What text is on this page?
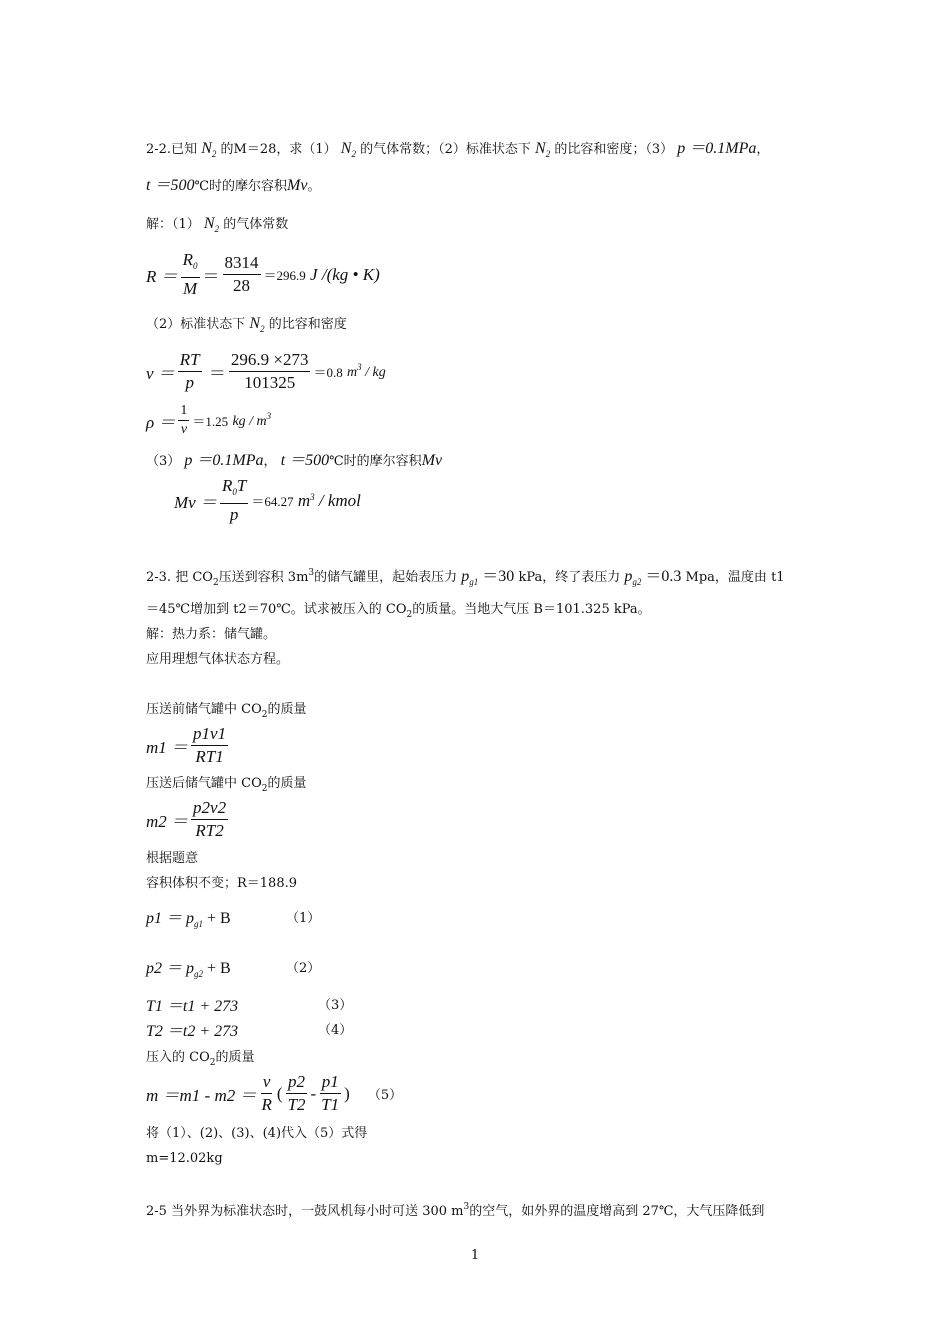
2-2.已知 $N_2$ 的M＝28，求（1） $N_2$ 的气体常数；（2）标准状态下 $N_2$ 的比容和密度；（3） p ＝0.1MPa，
t ＝500℃时的摩尔容积Mv。
解：（1） $N_2$ 的气体常数
$R = \frac{R_0}{M} = \frac{8314}{28} =296.9$
J /(kg • K)
（2）标准状态下 $N_2$ 的比容和密度
$v = \frac{RT}{p}$
＝ $\frac{296.9 \times 273}{101325} =0.8$
$m^3$ / kg
$\rho = \frac{1}{v} =1.25$
kg / $m^3$
（3） p ＝0.1MPa， t ＝500℃时的摩尔容积Mv
$Mv = \frac{R_0T}{p} =64.27$
$m^3$ / kmol
2-3. 把 $CO_2$压送到容积 $3m^3$的储气罐里，起始表压力 $p_{g1} =30$ kPa，终了表压力 $p_{g2} =0.3$ Mpa，温度由 t1
＝45℃增加到 t2＝70℃。试求被压入的 $CO_2$的质量。当地大气压 B＝101.325 kPa。
解：热力系：储气罐。
应用理想气体状态方程。
压送前储气罐中 $CO_2$的质量
$m1 = \frac{p1v1}{RT1}$
压送后储气罐中 $CO_2$的质量
$m2 = \frac{p2v2}{RT2}$
根据题意
容积体积不变；R＝188.9
$p1 = p_{g1} + B$	（1）
$p2 = p_{g2} + B$	（2）
T1 ＝t1 + 273	（3）
T2 ＝t2 + 273	（4）
压入的 $CO_2$的质量
$m =m1 - m2 = \frac{v}{R}$ ( $\frac{p2}{T2} - \frac{p1}{T1}$ ) （5）
将（1）、(2)、(3)、(4)代入（5）式得
m=12.02kg
2-5 当外界为标准状态时，一鼓风机每小时可送 300 $m^3$的空气，如外界的温度增高到 27℃，大气压降低到
1
